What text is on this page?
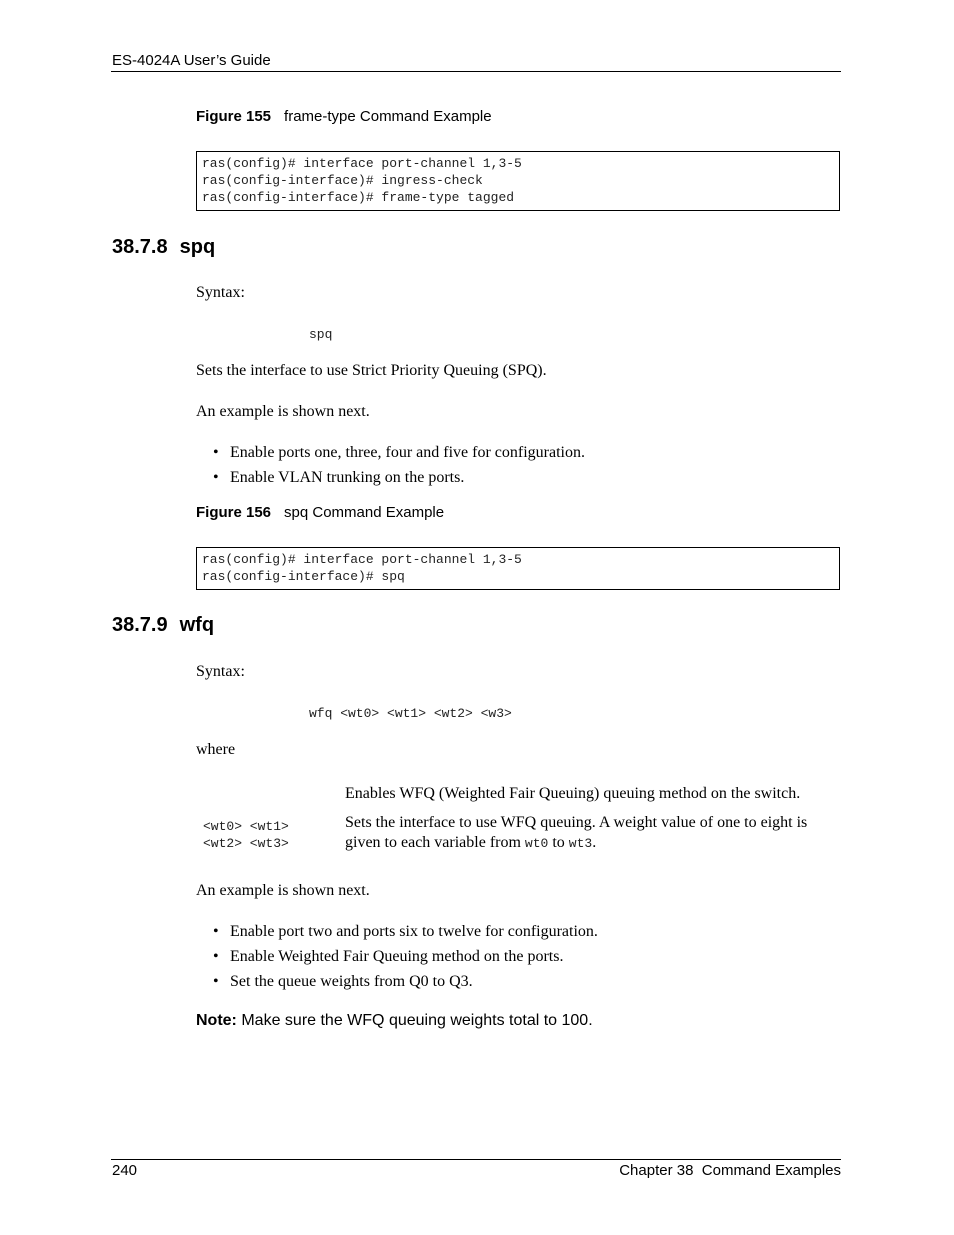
ES-4024A User’s Guide
Figure 155 frame-type Command Example
ras(config)# interface port-channel 1,3-5
ras(config-interface)# ingress-check
ras(config-interface)# frame-type tagged
38.7.8 spq
Syntax:
spq
Sets the interface to use Strict Priority Queuing (SPQ).
An example is shown next.
• Enable ports one, three, four and five for configuration.
• Enable VLAN trunking on the ports.
Figure 156 spq Command Example
ras(config)# interface port-channel 1,3-5
ras(config-interface)# spq
38.7.9 wfq
Syntax:
wfq <wt0> <wt1> <wt2> <w3>
where
	Enables WFQ (Weighted Fair Queuing) queuing method on the switch.
<wt0> <wt1>
<wt2> <wt3>	Sets the interface to use WFQ queuing. A weight value of one to eight is given to each variable from wt0 to wt3.
An example is shown next.
• Enable port two and ports six to twelve for configuration.
• Enable Weighted Fair Queuing method on the ports.
• Set the queue weights from Q0 to Q3.
Note: Make sure the WFQ queuing weights total to 100.
240	Chapter 38  Command Examples
